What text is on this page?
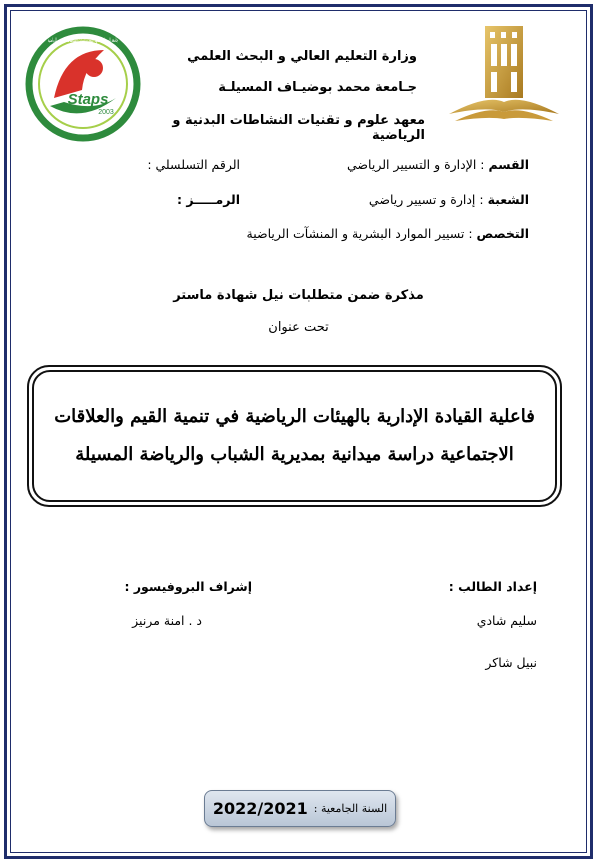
Staps
2003
جامعة المسيلة - معهد علوم و تقنيات النشاطات البدنية و الرياضية
وزارة التعليم العالي و البحث العلمي
جـامعة محمد بوضيـاف المسيلـة
معهد علوم و تقنيات النشاطات البدنية و الرياضية
القسم : الإدارة و التسيير الرياضي
الرقم التسلسلي :
الشعبة : إدارة و تسيير رياضي
الرمـــــز :
التخصص : تسيير الموارد البشرية و المنشآت الرياضية
مذكرة ضمن متطلبات نيل شهادة ماستر
تحت عنوان
فاعلية القيادة الإدارية بالهيئات الرياضية في تنمية القيم والعلاقات
الاجتماعية دراسة ميدانية بمديرية الشباب والرياضة المسيلة
إعداد الطالب :
سليم شادي
نبيل شاكر
إشراف البروفيسور :
د . امنة مرنيز
السنة الجامعية :
2022/2021
